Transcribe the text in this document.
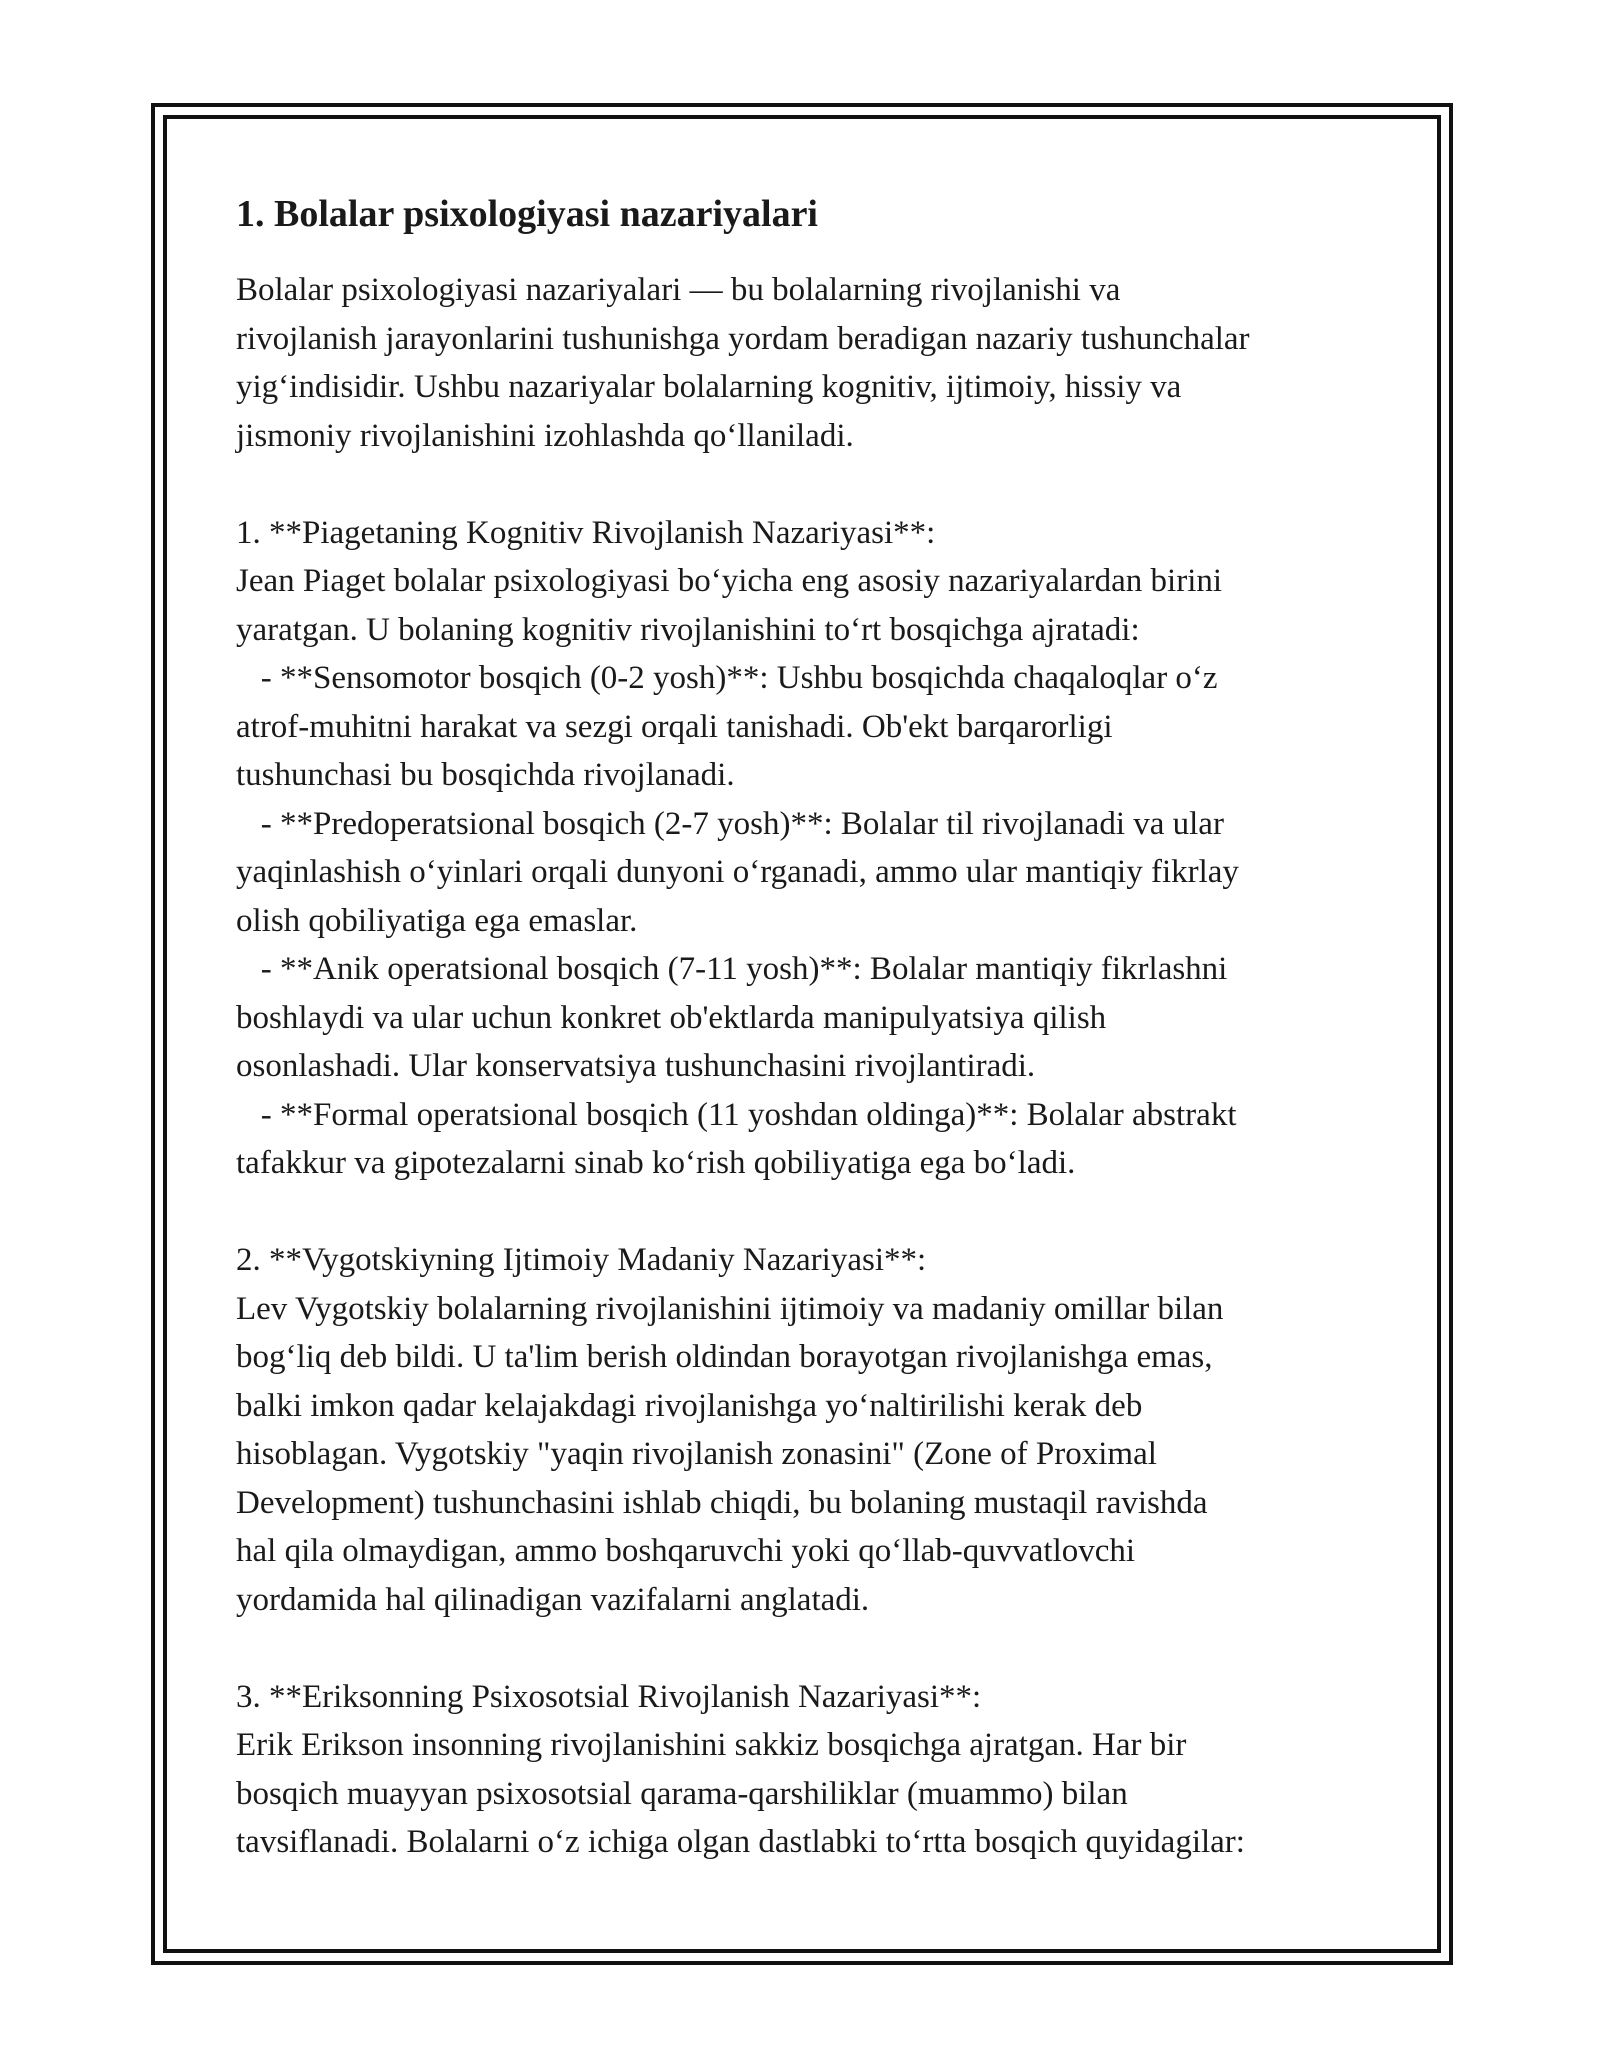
1. Bolalar psixologiyasi nazariyalari
Bolalar psixologiyasi nazariyalari — bu bolalarning rivojlanishi va
rivojlanish jarayonlarini tushunishga yordam beradigan nazariy tushunchalar
yig‘indisidir. Ushbu nazariyalar bolalarning kognitiv, ijtimoiy, hissiy va
jismoniy rivojlanishini izohlashda qo‘llaniladi.
1. **Piagetaning Kognitiv Rivojlanish Nazariyasi**:
Jean Piaget bolalar psixologiyasi bo‘yicha eng asosiy nazariyalardan birini
yaratgan. U bolaning kognitiv rivojlanishini to‘rt bosqichga ajratadi:
- **Sensomotor bosqich (0-2 yosh)**: Ushbu bosqichda chaqaloqlar o‘z
atrof-muhitni harakat va sezgi orqali tanishadi. Ob'ekt barqarorligi
tushunchasi bu bosqichda rivojlanadi.
- **Predoperatsional bosqich (2-7 yosh)**: Bolalar til rivojlanadi va ular
yaqinlashish o‘yinlari orqali dunyoni o‘rganadi, ammo ular mantiqiy fikrlay
olish qobiliyatiga ega emaslar.
- **Anik operatsional bosqich (7-11 yosh)**: Bolalar mantiqiy fikrlashni
boshlaydi va ular uchun konkret ob'ektlarda manipulyatsiya qilish
osonlashadi. Ular konservatsiya tushunchasini rivojlantiradi.
- **Formal operatsional bosqich (11 yoshdan oldinga)**: Bolalar abstrakt
tafakkur va gipotezalarni sinab ko‘rish qobiliyatiga ega bo‘ladi.
2. **Vygotskiyning Ijtimoiy Madaniy Nazariyasi**:
Lev Vygotskiy bolalarning rivojlanishini ijtimoiy va madaniy omillar bilan
bog‘liq deb bildi. U ta'lim berish oldindan borayotgan rivojlanishga emas,
balki imkon qadar kelajakdagi rivojlanishga yo‘naltirilishi kerak deb
hisoblagan. Vygotskiy "yaqin rivojlanish zonasini" (Zone of Proximal
Development) tushunchasini ishlab chiqdi, bu bolaning mustaqil ravishda
hal qila olmaydigan, ammo boshqaruvchi yoki qo‘llab-quvvatlovchi
yordamida hal qilinadigan vazifalarni anglatadi.
3. **Eriksonning Psixosotsial Rivojlanish Nazariyasi**:
Erik Erikson insonning rivojlanishini sakkiz bosqichga ajratgan. Har bir
bosqich muayyan psixosotsial qarama-qarshiliklar (muammo) bilan
tavsiflanadi. Bolalarni o‘z ichiga olgan dastlabki to‘rtta bosqich quyidagilar:
